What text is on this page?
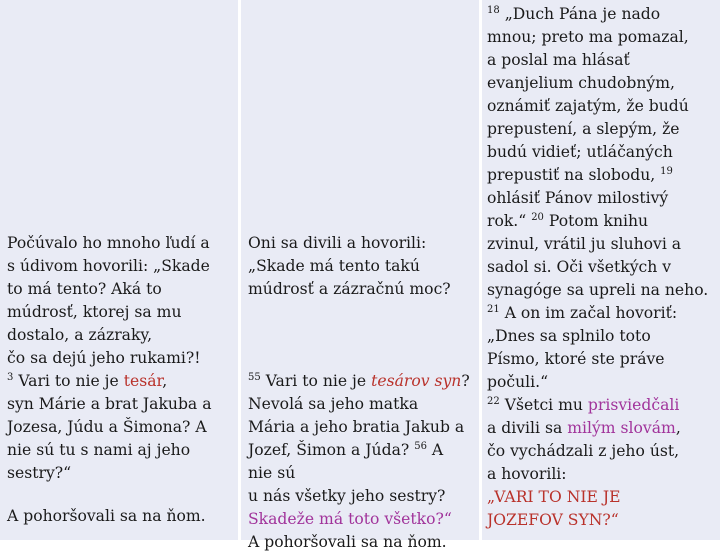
Počúvalo ho mnoho ľudí a
s údivom hovorili: „Skade
to má tento? Aká to
múdrosť, ktorej sa mu
dostalo, a zázraky,
čo sa dejú jeho rukami?!
$^3$ Vari to nie je tesár,
syn Márie a brat Jakuba a
Jozesa, Júdu a Šimona? A
nie sú tu s nami aj jeho
sestry?“
A pohoršovali sa na ňom.
Oni sa divili a hovorili:
„Skade má tento takú
múdrosť a zázračnú moc?
$^{55}$ Vari to nie je tesárov syn?
Nevolá sa jeho matka
Mária a jeho bratia Jakub a
Jozef, Šimon a Júda? $^{56}$ A
nie sú
u nás všetky jeho sestry?
Skadeže má toto všetko?“
A pohoršovali sa na ňom.
$^{18}$ „Duch Pána je nado
mnou; preto ma pomazal,
a poslal ma hlásať
evanjelium chudobným,
oznámiť zajatým, že budú
prepustení, a slepým, že
budú vidieť; utláčaných
prepustiť na slobodu, $^{19}$
ohlásiť Pánov milostivý
rok.“ $^{20}$ Potom knihu
zvinul, vrátil ju sluhovi a
sadol si. Oči všetkých v
synagóge sa upreli na neho.
$^{21}$ A on im začal hovoriť:
„Dnes sa splnilo toto
Písmo, ktoré ste práve
počuli.“
$^{22}$ Všetci mu prisviedčali
a divili sa milým slovám,
čo vychádzali z jeho úst,
a hovorili:
„VARI TO NIE JE
JOZEFOV SYN?“
